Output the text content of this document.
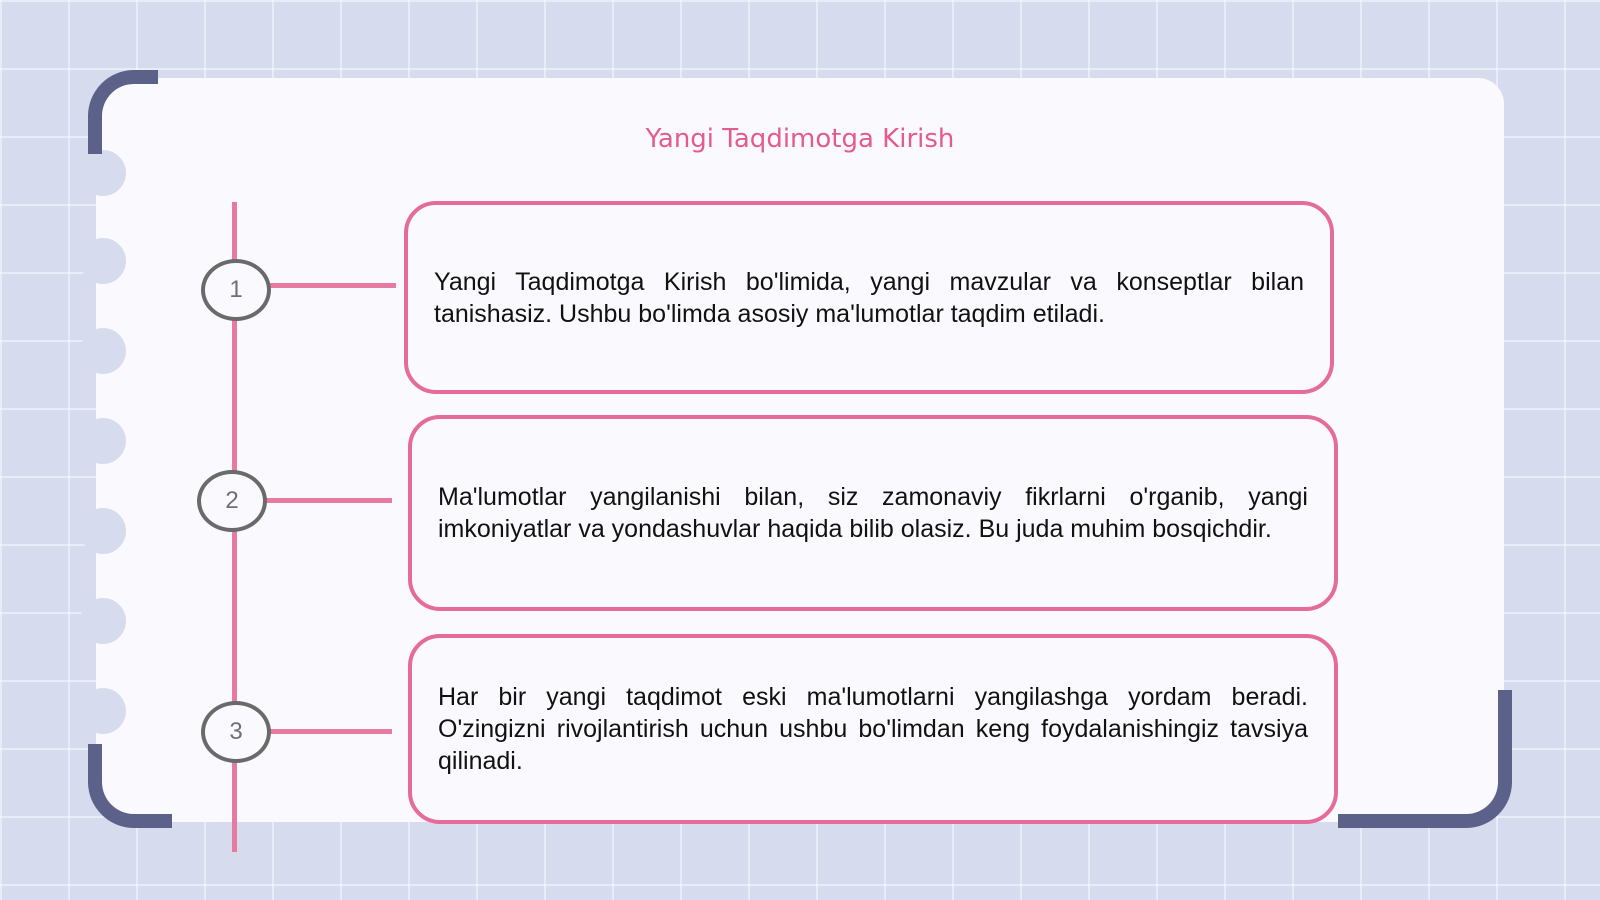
Yangi Taqdimotga Kirish
1
2
3

Yangi Taqdimotga Kirish bo'limida, yangi mavzular va konseptlar bilan tanishasiz. Ushbu bo'limda asosiy ma'lumotlar taqdim etiladi.

Ma'lumotlar yangilanishi bilan, siz zamonaviy fikrlarni o'rganib, yangi imkoniyatlar va yondashuvlar haqida bilib olasiz. Bu juda muhim bosqichdir.

Har bir yangi taqdimot eski ma'lumotlarni yangilashga yordam beradi. O'zingizni rivojlantirish uchun ushbu bo'limdan keng foydalanishingiz tavsiya qilinadi.
